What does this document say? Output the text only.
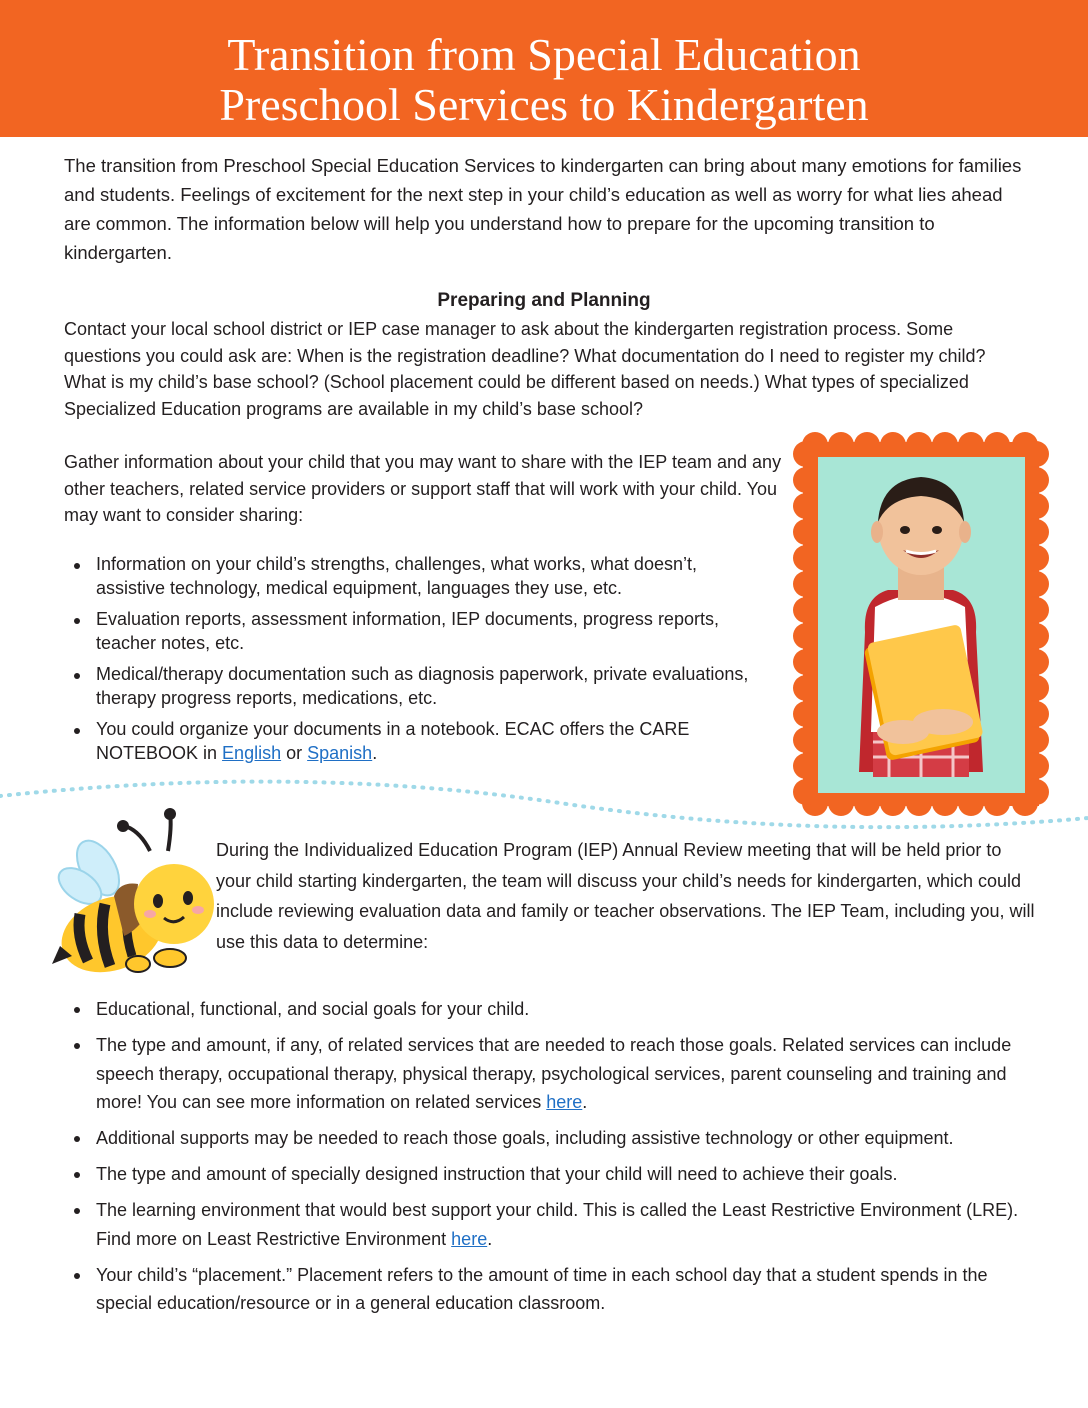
Transition from Special Education
Preschool Services to Kindergarten

The transition from Preschool Special Education Services to kindergarten can bring about many emotions for families and students. Feelings of excitement for the next step in your child’s education as well as worry for what lies ahead are common. The information below will help you understand how to prepare for the upcoming transition to kindergarten.

Preparing and Planning

Contact your local school district or IEP case manager to ask about the kindergarten registration process. Some questions you could ask are: When is the registration deadline? What documentation do I need to register my child? What is my child’s base school? (School placement could be different based on needs.) What types of specialized Specialized Education programs are available in my child’s base school?

Gather information about your child that you may want to share with the IEP team and any other teachers, related service providers or support staff that will work with your child. You may want to consider sharing:

Information on your child’s strengths, challenges, what works, what doesn’t, assistive technology, medical equipment, languages they use, etc.
Evaluation reports, assessment information, IEP documents, progress reports, teacher notes, etc.
Medical/therapy documentation such as diagnosis paperwork, private evaluations, therapy progress reports, medications, etc.
You could organize your documents in a notebook. ECAC offers the CARE NOTEBOOK in English or Spanish.

During the Individualized Education Program (IEP) Annual Review meeting that will be held prior to your child starting kindergarten, the team will discuss your child’s needs for kindergarten, which could include reviewing evaluation data and family or teacher observations. The IEP Team, including you, will use this data to determine:

Educational, functional, and social goals for your child.
The type and amount, if any, of related services that are needed to reach those goals. Related services can include speech therapy, occupational therapy, physical therapy, psychological services, parent counseling and training and more! You can see more information on related services here.
Additional supports may be needed to reach those goals, including assistive technology or other equipment.
The type and amount of specially designed instruction that your child will need to achieve their goals.
The learning environment that would best support your child. This is called the Least Restrictive Environment (LRE). Find more on Least Restrictive Environment here.
Your child’s “placement.” Placement refers to the amount of time in each school day that a student spends in the special education/resource or in a general education classroom.
